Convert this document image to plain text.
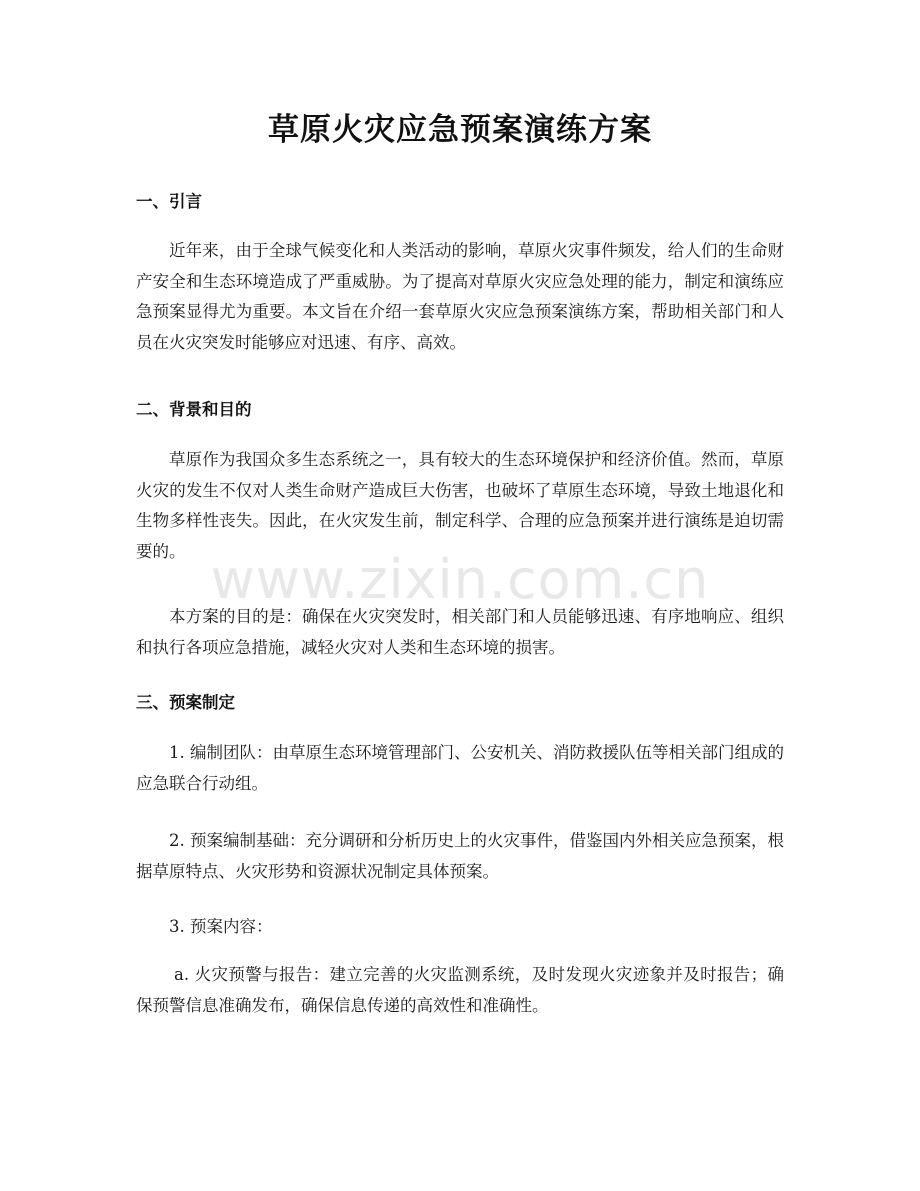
www.zixin.com.cn
草原火灾应急预案演练方案
一、引言

近年来，由于全球气候变化和人类活动的影响，草原火灾事件频发，给人们的生命财产安全和生态环境造成了严重威胁。为了提高对草原火灾应急处理的能力，制定和演练应急预案显得尤为重要。本文旨在介绍一套草原火灾应急预案演练方案，帮助相关部门和人员在火灾突发时能够应对迅速、有序、高效。

二、背景和目的

草原作为我国众多生态系统之一，具有较大的生态环境保护和经济价值。然而，草原火灾的发生不仅对人类生命财产造成巨大伤害，也破坏了草原生态环境，导致土地退化和生物多样性丧失。因此，在火灾发生前，制定科学、合理的应急预案并进行演练是迫切需要的。

本方案的目的是：确保在火灾突发时，相关部门和人员能够迅速、有序地响应、组织和执行各项应急措施，减轻火灾对人类和生态环境的损害。

三、预案制定

1. 编制团队：由草原生态环境管理部门、公安机关、消防救援队伍等相关部门组成的应急联合行动组。

2. 预案编制基础：充分调研和分析历史上的火灾事件，借鉴国内外相关应急预案，根据草原特点、火灾形势和资源状况制定具体预案。

3. 预案内容：

a. 火灾预警与报告：建立完善的火灾监测系统，及时发现火灾迹象并及时报告；确保预警信息准确发布，确保信息传递的高效性和准确性。
